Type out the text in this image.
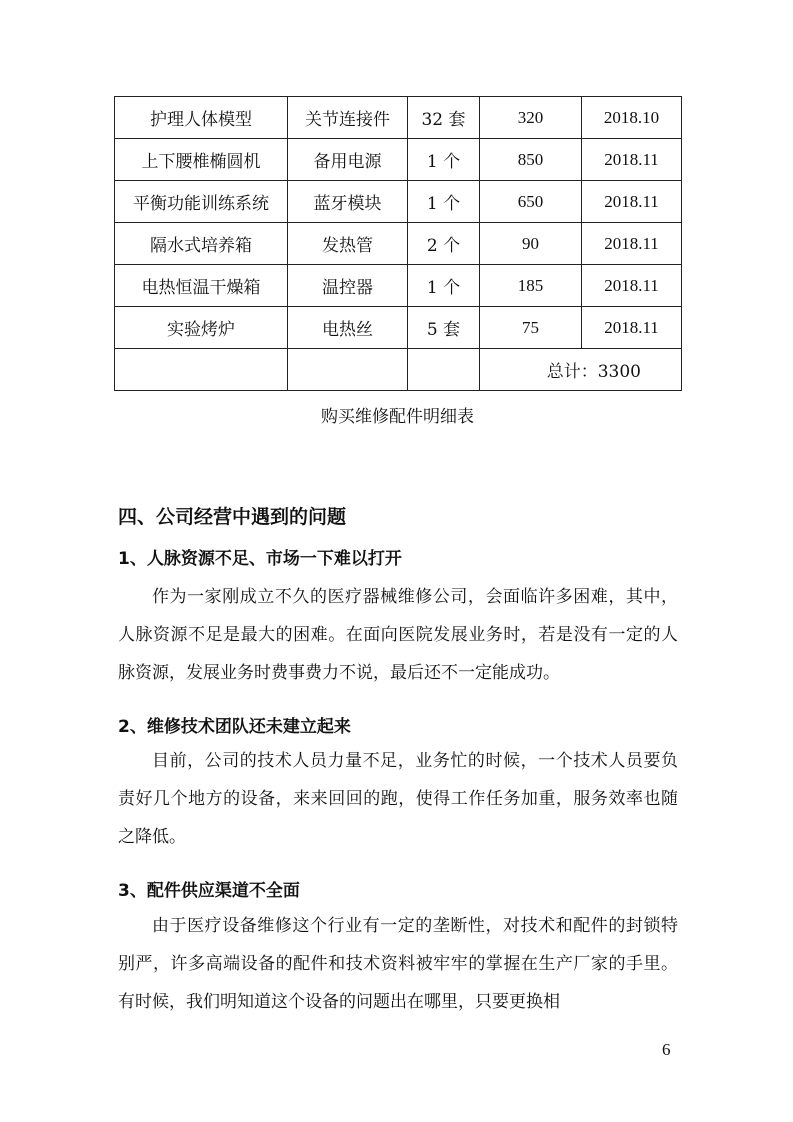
护理人体模型	关节连接件	32 套	320	2018.10
上下腰椎椭圆机	备用电源	1 个	850	2018.11
平衡功能训练系统	蓝牙模块	1 个	650	2018.11
隔水式培养箱	发热管	2 个	90	2018.11
电热恒温干燥箱	温控器	1 个	185	2018.11
实验烤炉	电热丝	5 套	75	2018.11
			总计：3300	
购买维修配件明细表
四、公司经营中遇到的问题
1、人脉资源不足、市场一下难以打开

作为一家刚成立不久的医疗器械维修公司，会面临许多困难，其中，人脉资源不足是最大的困难。在面向医院发展业务时，若是没有一定的人脉资源，发展业务时费事费力不说，最后还不一定能成功。

2、维修技术团队还未建立起来

目前，公司的技术人员力量不足，业务忙的时候，一个技术人员要负责好几个地方的设备，来来回回的跑，使得工作任务加重，服务效率也随之降低。

3、配件供应渠道不全面

由于医疗设备维修这个行业有一定的垄断性，对技术和配件的封锁特别严，许多高端设备的配件和技术资料被牢牢的掌握在生产厂家的手里。有时候，我们明知道这个设备的问题出在哪里，只要更换相

6
